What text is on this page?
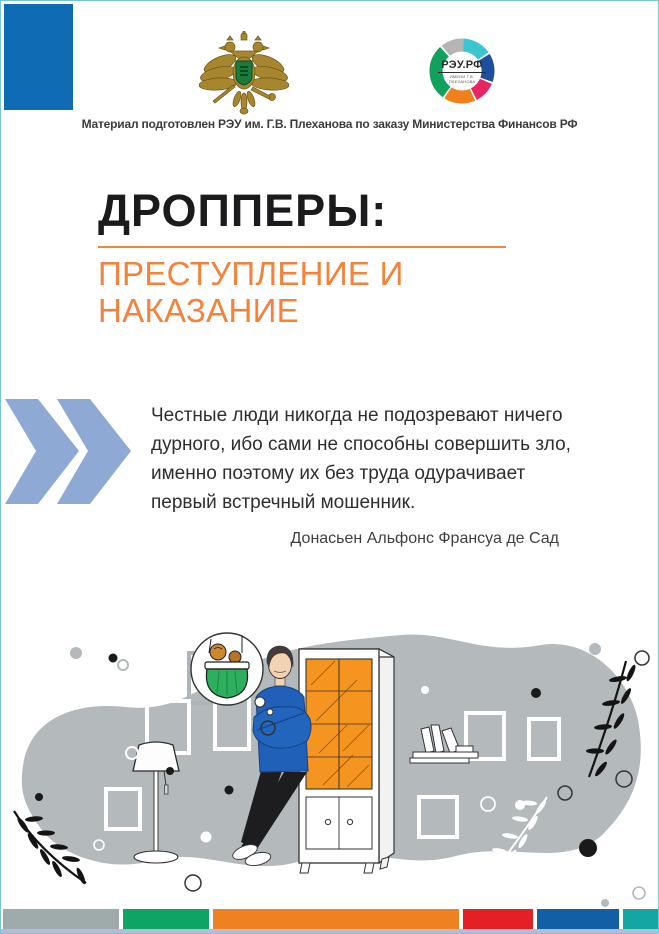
РЭУ.РФ
ИМЕНИ Г.В. ПЛЕХАНОВА
Материал подготовлен РЭУ им. Г.В. Плеханова по заказу Министерства Финансов РФ
ДРОППЕРЫ:
ПРЕСТУПЛЕНИЕ И НАКАЗАНИЕ

Честные люди никогда не подозревают ничего дурного, ибо сами не способны совершить зло, именно поэтому их без труда одурачивает первый встречный мошенник.

Донасьен Альфонс Франсуа де Сад
